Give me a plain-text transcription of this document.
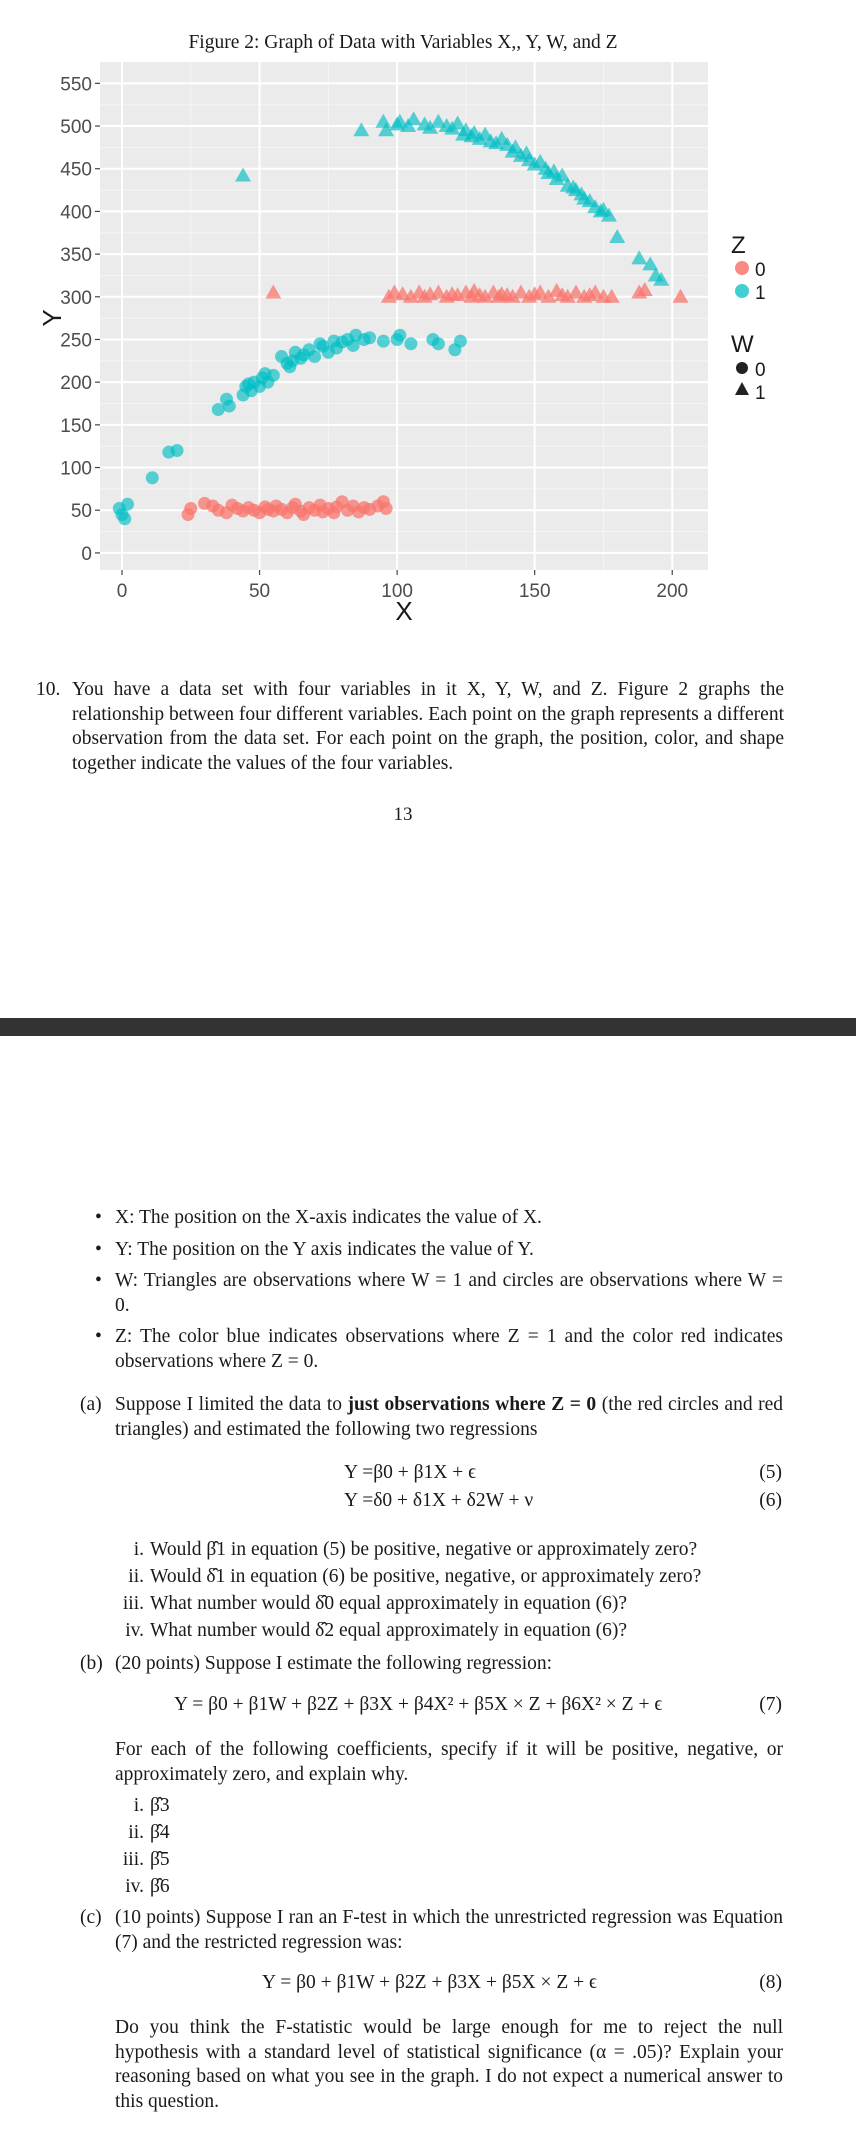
Figure 2: Graph of Data with Variables X,, Y, W, and Z
0
50
100
150
200
250
300
350
400
450
500
550
0	50	100	150	200
X
Y
Z
0
1
W
0
1
10. You have a data set with four variables in it X, Y, W, and Z. Figure 2 graphs the relationship between four different variables. Each point on the graph represents a different observation from the data set. For each point on the graph, the position, color, and shape together indicate the values of the four variables.
13
• X: The position on the X-axis indicates the value of X.
• Y: The position on the Y axis indicates the value of Y.
• W: Triangles are observations where W = 1 and circles are observations where W = 0.
• Z: The color blue indicates observations where Z = 1 and the color red indicates observations where Z = 0.
(a) Suppose I limited the data to just observations where Z = 0 (the red circles and red triangles) and estimated the following two regressions
Y =β0 + β1X + ϵ	(5)
Y =δ0 + δ1X + δ2W + ν	(6)
i. Would β̂1 in equation (5) be positive, negative or approximately zero?
ii. Would δ̂1 in equation (6) be positive, negative, or approximately zero?
iii. What number would δ̂0 equal approximately in equation (6)?
iv. What number would δ̂2 equal approximately in equation (6)?
(b) (20 points) Suppose I estimate the following regression:
Y = β0 + β1W + β2Z + β3X + β4X² + β5X × Z + β6X² × Z + ϵ	(7)
For each of the following coefficients, specify if it will be positive, negative, or approximately zero, and explain why.
i. β̂3
ii. β̂4
iii. β̂5
iv. β̂6
(c) (10 points) Suppose I ran an F-test in which the unrestricted regression was Equation (7) and the restricted regression was:
Y = β0 + β1W + β2Z + β3X + β5X × Z + ϵ	(8)
Do you think the F-statistic would be large enough for me to reject the null hypothesis with a standard level of statistical significance (α = .05)? Explain your reasoning based on what you see in the graph. I do not expect a numerical answer to this question.
